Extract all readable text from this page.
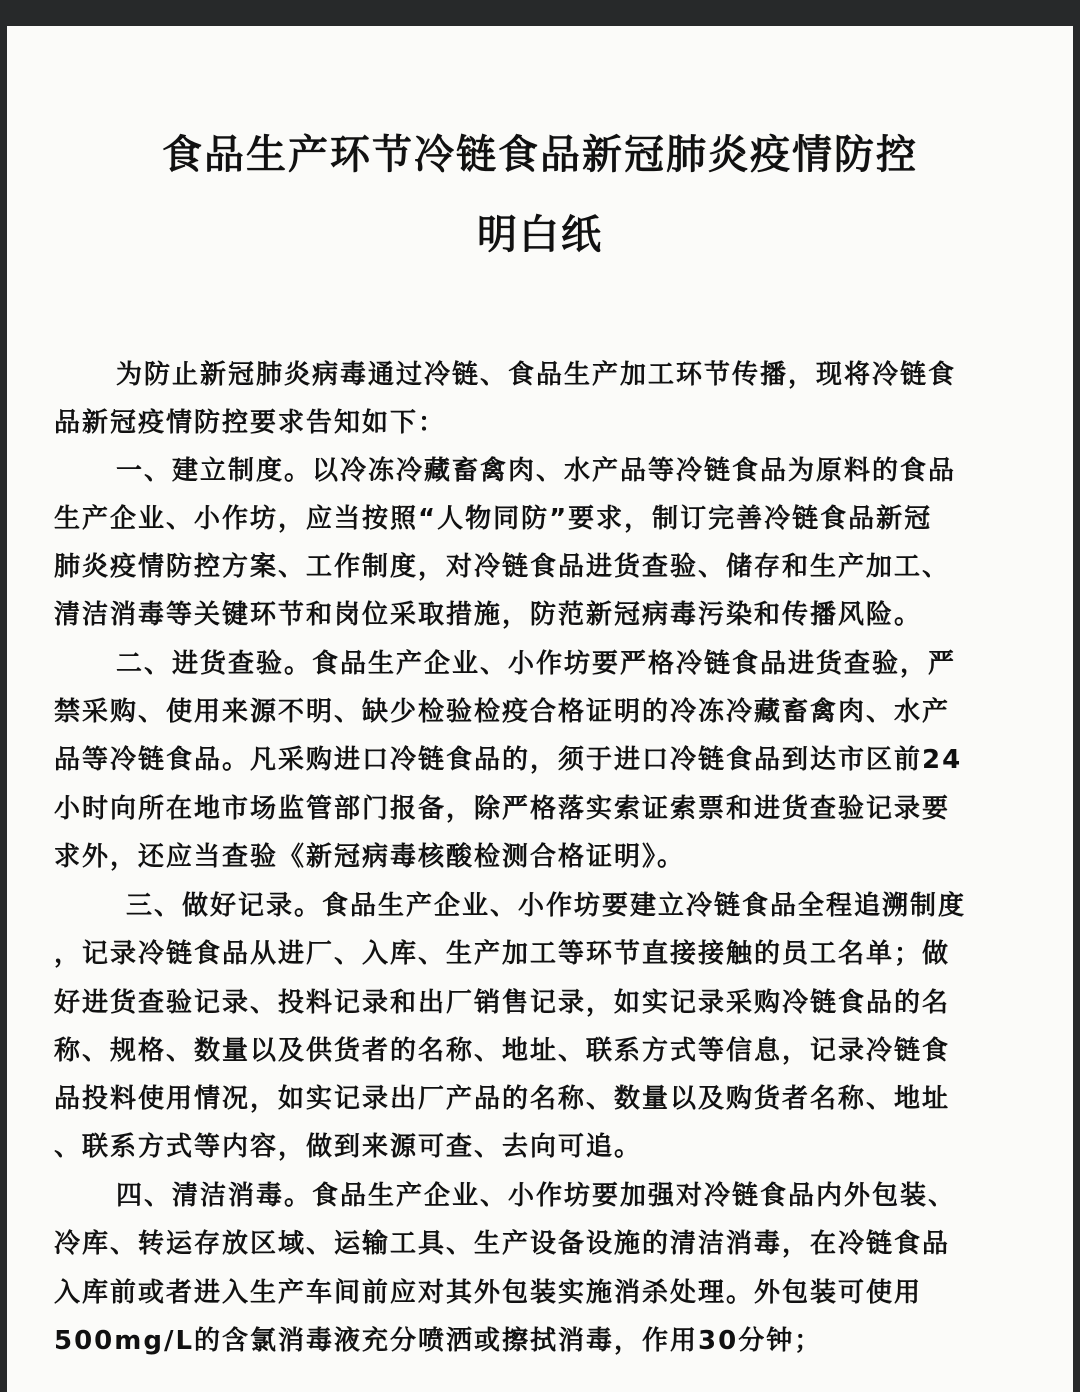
食品生产环节冷链食品新冠肺炎疫情防控
明白纸

为防止新冠肺炎病毒通过冷链、食品生产加工环节传播，现将冷链食

品新冠疫情防控要求告知如下：

一、建立制度。以冷冻冷藏畜禽肉、水产品等冷链食品为原料的食品

生产企业、小作坊，应当按照“人物同防”要求，制订完善冷链食品新冠

肺炎疫情防控方案、工作制度，对冷链食品进货查验、储存和生产加工、

清洁消毒等关键环节和岗位采取措施，防范新冠病毒污染和传播风险。

二、进货查验。食品生产企业、小作坊要严格冷链食品进货查验，严

禁采购、使用来源不明、缺少检验检疫合格证明的冷冻冷藏畜禽肉、水产

品等冷链食品。凡采购进口冷链食品的，须于进口冷链食品到达市区前24

小时向所在地市场监管部门报备，除严格落实索证索票和进货查验记录要

求外，还应当查验《新冠病毒核酸检测合格证明》。

三、做好记录。食品生产企业、小作坊要建立冷链食品全程追溯制度

，记录冷链食品从进厂、入库、生产加工等环节直接接触的员工名单；做

好进货查验记录、投料记录和出厂销售记录，如实记录采购冷链食品的名

称、规格、数量以及供货者的名称、地址、联系方式等信息，记录冷链食

品投料使用情况，如实记录出厂产品的名称、数量以及购货者名称、地址

、联系方式等内容，做到来源可查、去向可追。

四、清洁消毒。食品生产企业、小作坊要加强对冷链食品内外包装、

冷库、转运存放区域、运输工具、生产设备设施的清洁消毒，在冷链食品

入库前或者进入生产车间前应对其外包装实施消杀处理。外包装可使用

500mg/L的含氯消毒液充分喷洒或擦拭消毒，作用30分钟；
